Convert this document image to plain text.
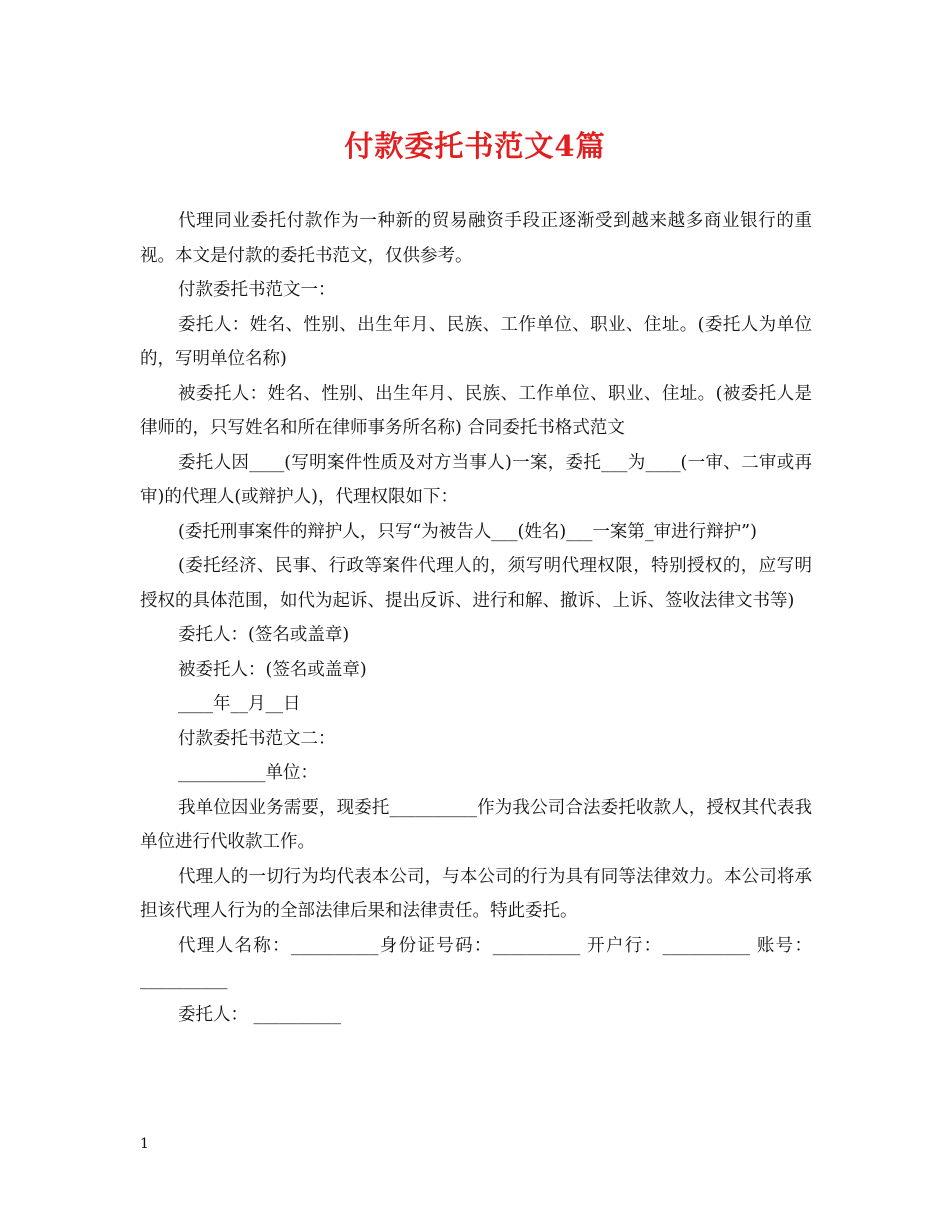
付款委托书范文4篇

代理同业委托付款作为一种新的贸易融资手段正逐渐受到越来越多商业银行的重视。本文是付款的委托书范文，仅供参考。

付款委托书范文一：

委托人：姓名、性别、出生年月、民族、工作单位、职业、住址。(委托人为单位的，写明单位名称)

被委托人：姓名、性别、出生年月、民族、工作单位、职业、住址。(被委托人是律师的，只写姓名和所在律师事务所名称) 合同委托书格式范文

委托人因____(写明案件性质及对方当事人)一案，委托___为____(一审、二审或再审)的代理人(或辩护人)，代理权限如下：

(委托刑事案件的辩护人，只写“为被告人___(姓名)___一案第_审进行辩护”)

(委托经济、民事、行政等案件代理人的，须写明代理权限，特别授权的，应写明授权的具体范围，如代为起诉、提出反诉、进行和解、撤诉、上诉、签收法律文书等)

委托人：(签名或盖章)

被委托人：(签名或盖章)

____年__月__日

付款委托书范文二：

__________单位：

我单位因业务需要，现委托__________作为我公司合法委托收款人，授权其代表我单位进行代收款工作。

代理人的一切行为均代表本公司，与本公司的行为具有同等法律效力。本公司将承担该代理人行为的全部法律后果和法律责任。特此委托。

代理人名称：__________身份证号码：__________ 开户行：__________ 账号：__________

委托人： __________

1
